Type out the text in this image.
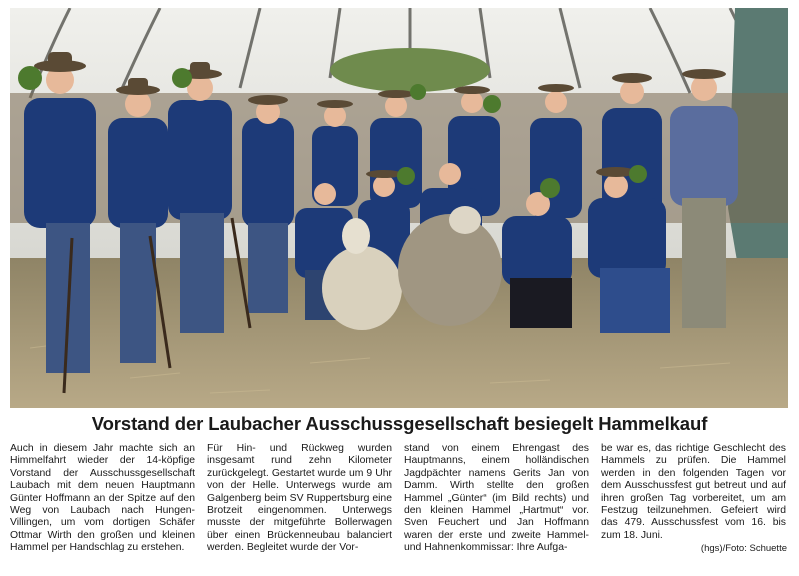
Vorstand der Laubacher Ausschussgesellschaft besiegelt Hammelkauf
Auch in diesem Jahr machte sich an Himmelfahrt wieder der 14-köpfige Vorstand der Ausschussgesellschaft Laubach mit dem neuen Hauptmann Günter Hoffmann an der Spitze auf den Weg von Laubach nach Hungen-Villingen, um vom dortigen Schäfer Ottmar Wirth den großen und kleinen Hammel per Handschlag zu erstehen.
Für Hin- und Rückweg wurden insgesamt rund zehn Kilometer zurückgelegt. Gestartet wurde um 9 Uhr von der Helle. Unterwegs wurde am Galgenberg beim SV Ruppertsburg eine Brotzeit eingenommen. Unterwegs musste der mitgeführte Bollerwagen über einen Brückenneubau balanciert werden. Begleitet wurde der Vor-
stand von einem Ehrengast des Hauptmanns, einem holländischen Jagdpächter namens Gerits Jan von Damm. Wirth stellte den großen Hammel „Günter“ (im Bild rechts) und den kleinen Hammel „Hartmut“ vor. Sven Feuchert und Jan Hoffmann waren der erste und zweite Hammel- und Hahnenkommissar: Ihre Aufga-
be war es, das richtige Geschlecht des Hammels zu prüfen. Die Hammel werden in den folgenden Tagen vor dem Ausschussfest gut betreut und auf ihren großen Tag vorbereitet, um am Festzug teilzunehmen. Gefeiert wird das 479. Ausschussfest vom 16. bis zum 18. Juni.
(hgs)/Foto: Schuette
